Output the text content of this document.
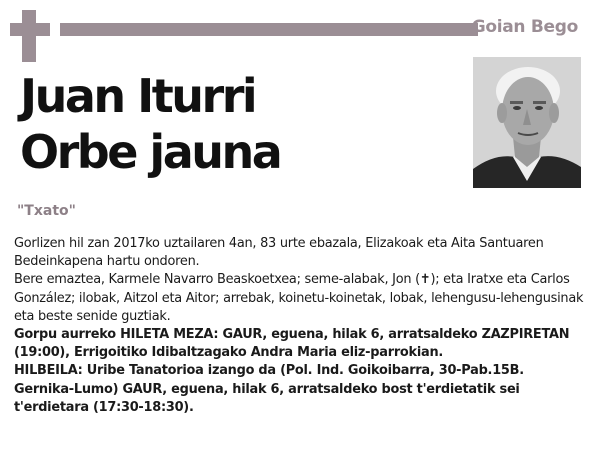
Goian Bego
Juan Iturri
Orbe jauna
"Txato"

Gorlizen hil zan 2017ko uztailaren 4an, 83 urte ebazala, Elizakoak eta Aita Santuaren Bedeinkapena hartu ondoren.

Bere emaztea, Karmele Navarro Beaskoetxea; seme-alabak, Jon (✝); eta Iratxe eta Carlos González; ilobak, Aitzol eta Aitor; arrebak, koinetu-koinetak, lobak, lehengusu-lehengusinak eta beste senide guztiak.

Gorpu aurreko HILETA MEZA: GAUR, eguena, hilak 6, arratsaldeko ZAZPIRETAN (19:00), Errigoitiko Idibaltzagako Andra Maria eliz-parrokian.

HILBEILA: Uribe Tanatorioa izango da (Pol. Ind. Goikoibarra, 30-Pab.15B. Gernika-Lumo) GAUR, eguena, hilak 6, arratsaldeko bost t'erdietatik sei t'erdietara (17:30-18:30).
